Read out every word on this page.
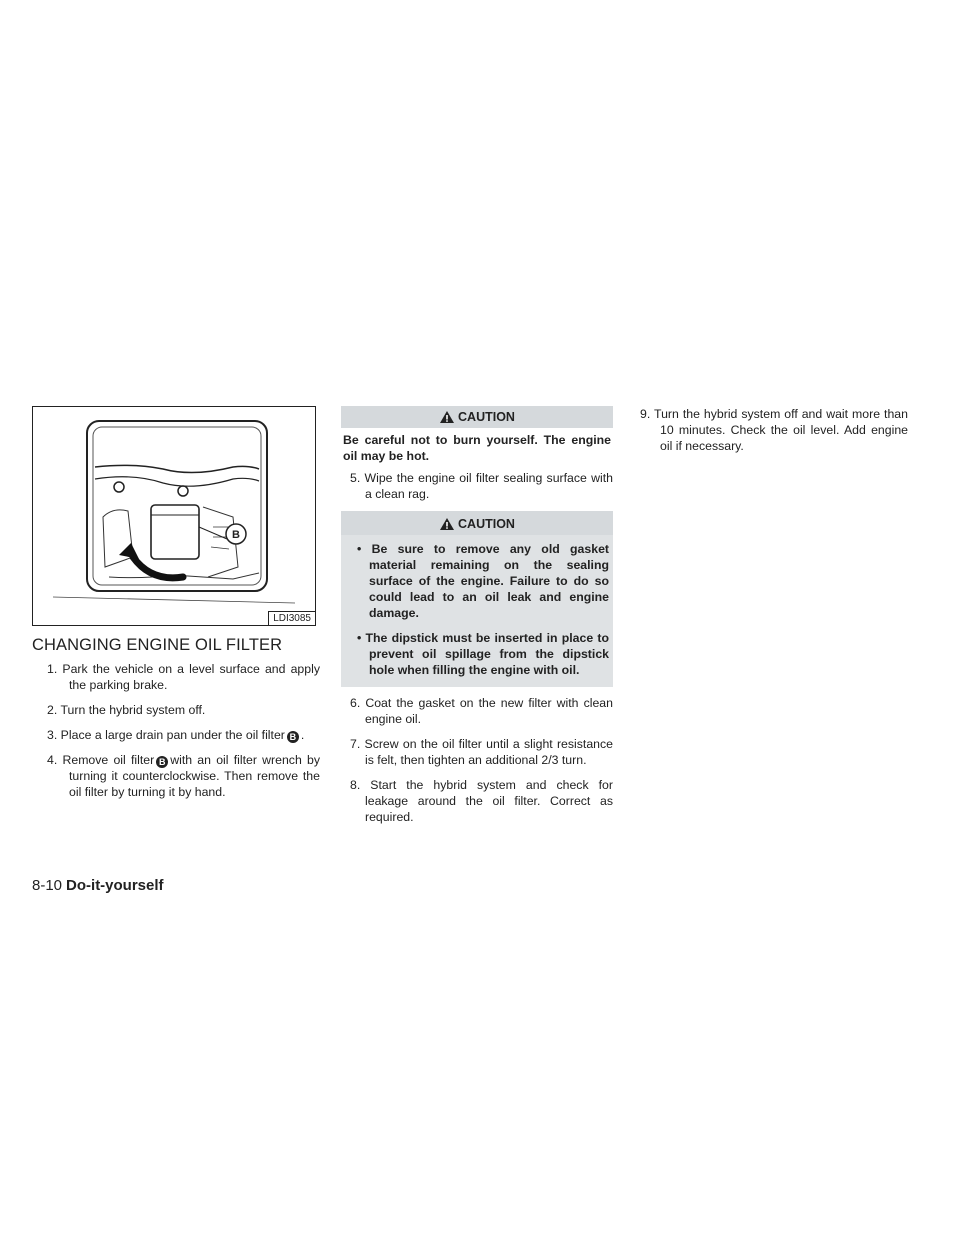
B
LDI3085
CHANGING ENGINE OIL FILTER

1. Park the vehicle on a level surface and apply the parking brake.

2. Turn the hybrid system off.

3. Place a large drain pan under the oil filter B .

4. Remove oil filter B with an oil filter wrench by turning it counterclockwise. Then remove the oil filter by turning it by hand.

CAUTION

Be careful not to burn yourself. The engine oil may be hot.

5. Wipe the engine oil filter sealing surface with a clean rag.

CAUTION

• Be sure to remove any old gasket material remaining on the sealing surface of the engine. Failure to do so could lead to an oil leak and engine damage.

• The dipstick must be inserted in place to prevent oil spillage from the dipstick hole when filling the engine with oil.

6. Coat the gasket on the new filter with clean engine oil.

7. Screw on the oil filter until a slight resistance is felt, then tighten an additional 2/3 turn.

8. Start the hybrid system and check for leakage around the oil filter. Correct as required.

9. Turn the hybrid system off and wait more than 10 minutes. Check the oil level. Add engine oil if necessary.

8-10 Do-it-yourself
